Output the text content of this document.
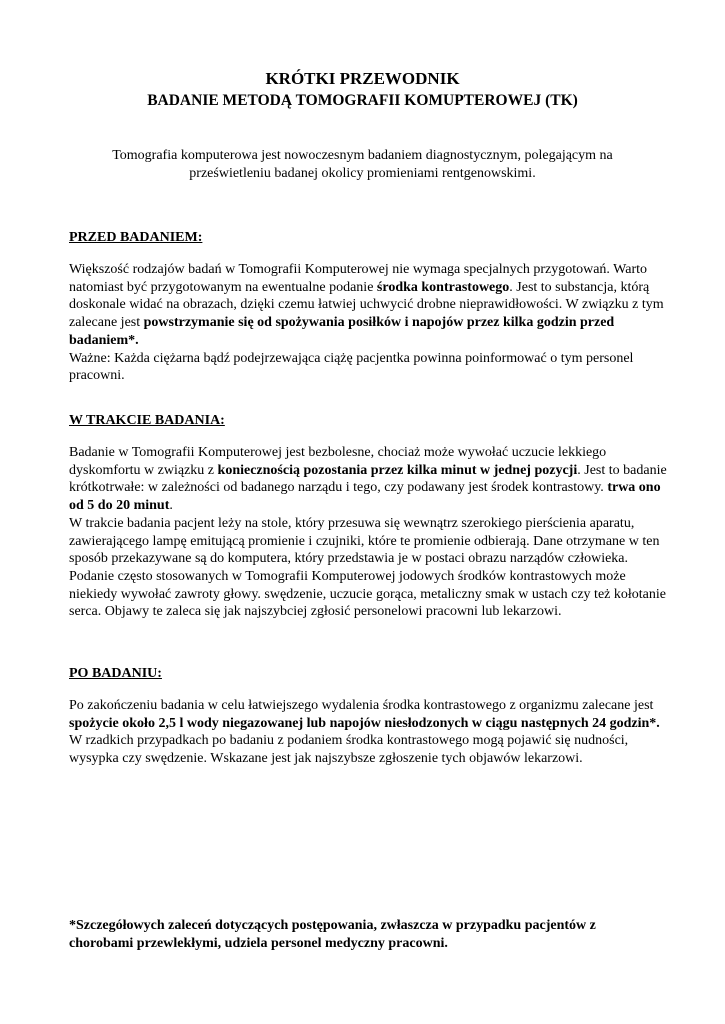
KRÓTKI PRZEWODNIK
BADANIE METODĄ TOMOGRAFII KOMUPTEROWEJ (TK)
Tomografia komputerowa jest nowoczesnym badaniem diagnostycznym, polegającym na prześwietleniu badanej okolicy promieniami rentgenowskimi.
PRZED BADANIEM:

Większość rodzajów badań w Tomografii Komputerowej nie wymaga specjalnych przygotowań. Warto natomiast być przygotowanym na ewentualne podanie środka kontrastowego. Jest to substancja, którą doskonale widać na obrazach, dzięki czemu łatwiej uchwycić drobne nieprawidłowości. W związku z tym zalecane jest powstrzymanie się od spożywania posiłków i napojów przez kilka godzin przed badaniem*.

Ważne: Każda ciężarna bądź podejrzewająca ciążę pacjentka powinna poinformować o tym personel pracowni.

W TRAKCIE BADANIA:

Badanie w Tomografii Komputerowej jest bezbolesne, chociaż może wywołać uczucie lekkiego dyskomfortu w związku z koniecznością pozostania przez kilka minut w jednej pozycji. Jest to badanie krótkotrwałe: w zależności od badanego narządu i tego, czy podawany jest środek kontrastowy. trwa ono od 5 do 20 minut.

W trakcie badania pacjent leży na stole, który przesuwa się wewnątrz szerokiego pierścienia aparatu, zawierającego lampę emitującą promienie i czujniki, które te promienie odbierają. Dane otrzymane w ten sposób przekazywane są do komputera, który przedstawia je w postaci obrazu narządów człowieka.

Podanie często stosowanych w Tomografii Komputerowej jodowych środków kontrastowych może niekiedy wywołać zawroty głowy. swędzenie, uczucie gorąca, metaliczny smak w ustach czy też kołotanie serca. Objawy te zaleca się jak najszybciej zgłosić personelowi pracowni lub lekarzowi.

PO BADANIU:

Po zakończeniu badania w celu łatwiejszego wydalenia środka kontrastowego z organizmu zalecane jest spożycie około 2,5 l wody niegazowanej lub napojów niesłodzonych w ciągu następnych 24 godzin*. W rzadkich przypadkach po badaniu z podaniem środka kontrastowego mogą pojawić się nudności, wysypka czy swędzenie. Wskazane jest jak najszybsze zgłoszenie tych objawów lekarzowi.

*Szczegółowych zaleceń dotyczących postępowania, zwłaszcza w przypadku pacjentów z chorobami przewlekłymi, udziela personel medyczny pracowni.
